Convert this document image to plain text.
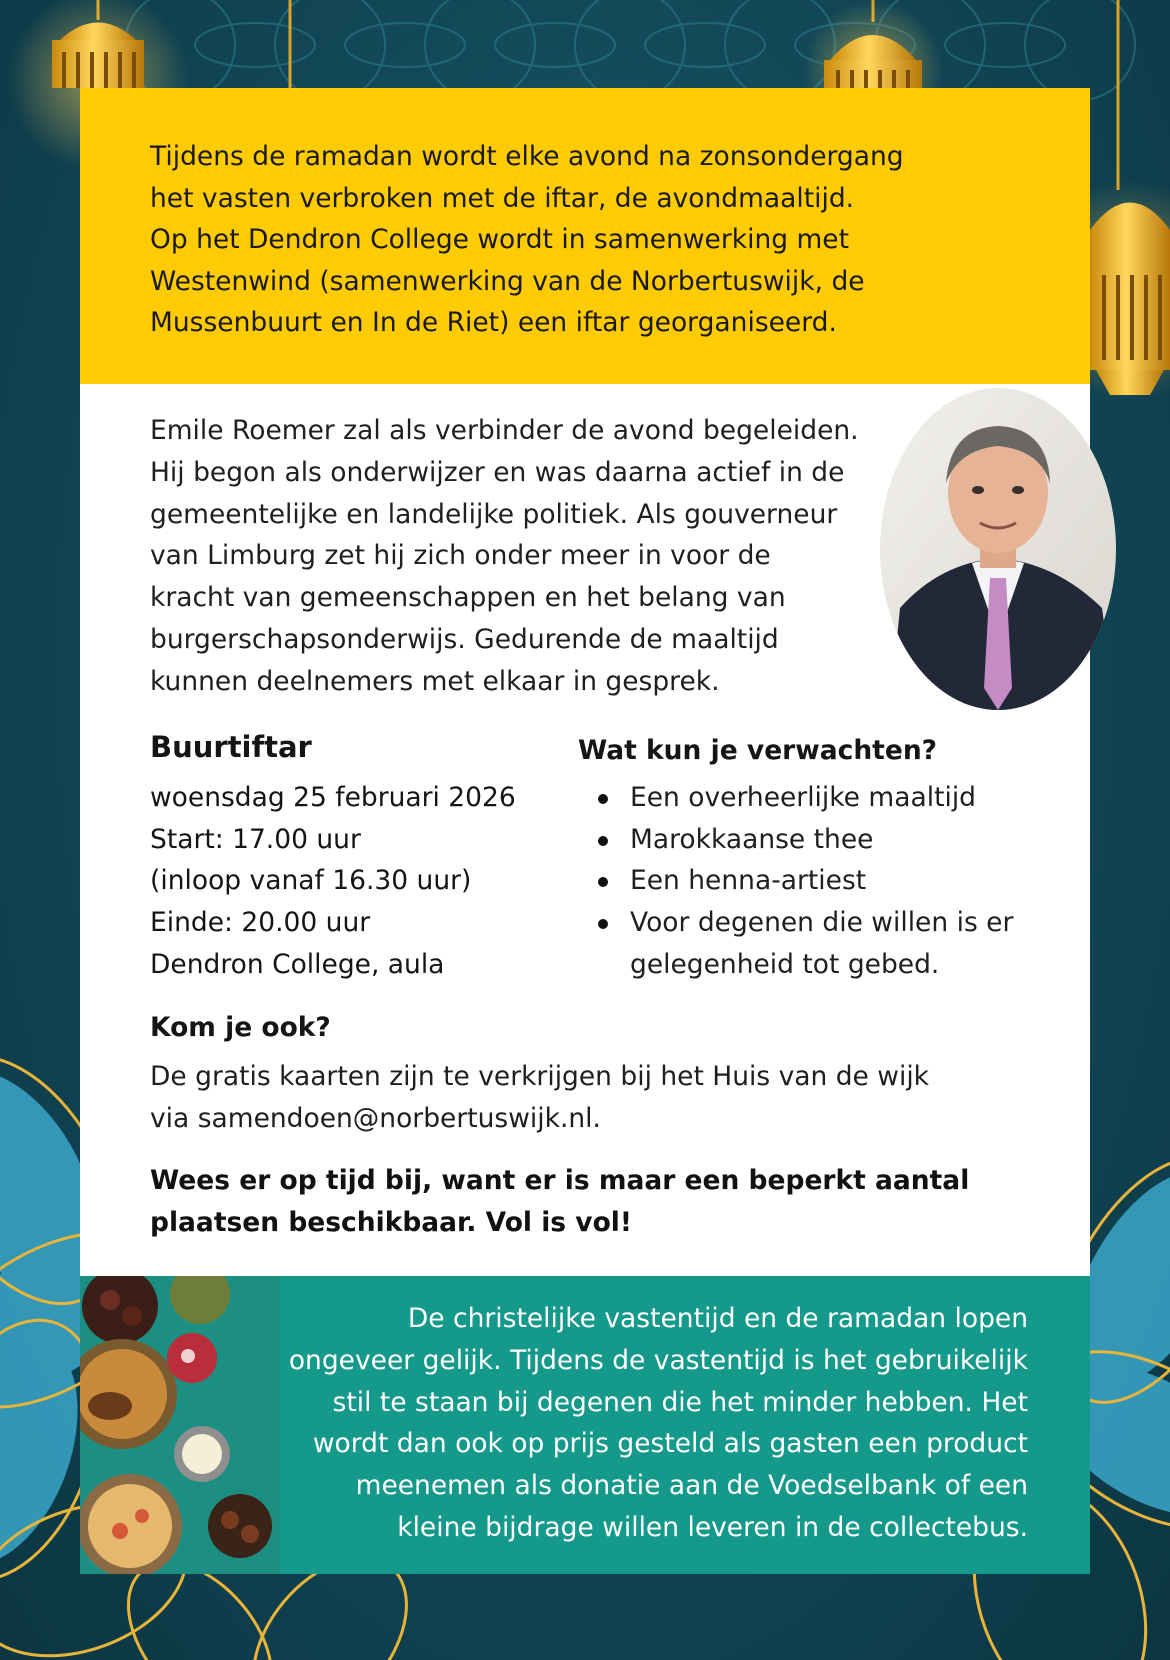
Tijdens de ramadan wordt elke avond na zonsondergang
het vasten verbroken met de iftar, de avondmaaltijd.
Op het Dendron College wordt in samenwerking met
Westenwind (samenwerking van de Norbertuswijk, de
Mussenbuurt en In de Riet) een iftar georganiseerd.

Emile Roemer zal als verbinder de avond begeleiden.
Hij begon als onderwijzer en was daarna actief in de
gemeentelijke en landelijke politiek. Als gouverneur
van Limburg zet hij zich onder meer in voor de
kracht van gemeenschappen en het belang van
burgerschapsonderwijs. Gedurende de maaltijd
kunnen deelnemers met elkaar in gesprek.

Buurtiftar
woensdag 25 februari 2026
Start: 17.00 uur
(inloop vanaf 16.30 uur)
Einde: 20.00 uur
Dendron College, aula
Wat kun je verwachten?
Een overheerlijke maaltijd
Marokkaanse thee
Een henna-artiest
Voor degenen die willen is er gelegenheid tot gebed.
Kom je ook?

De gratis kaarten zijn te verkrijgen bij het Huis van de wijk
via samendoen@norbertuswijk.nl.

Wees er op tijd bij, want er is maar een beperkt aantal
plaatsen beschikbaar. Vol is vol!

De christelijke vastentijd en de ramadan lopen
ongeveer gelijk. Tijdens de vastentijd is het gebruikelijk
stil te staan bij degenen die het minder hebben. Het
wordt dan ook op prijs gesteld als gasten een product
meenemen als donatie aan de Voedselbank of een
kleine bijdrage willen leveren in de collectebus.
